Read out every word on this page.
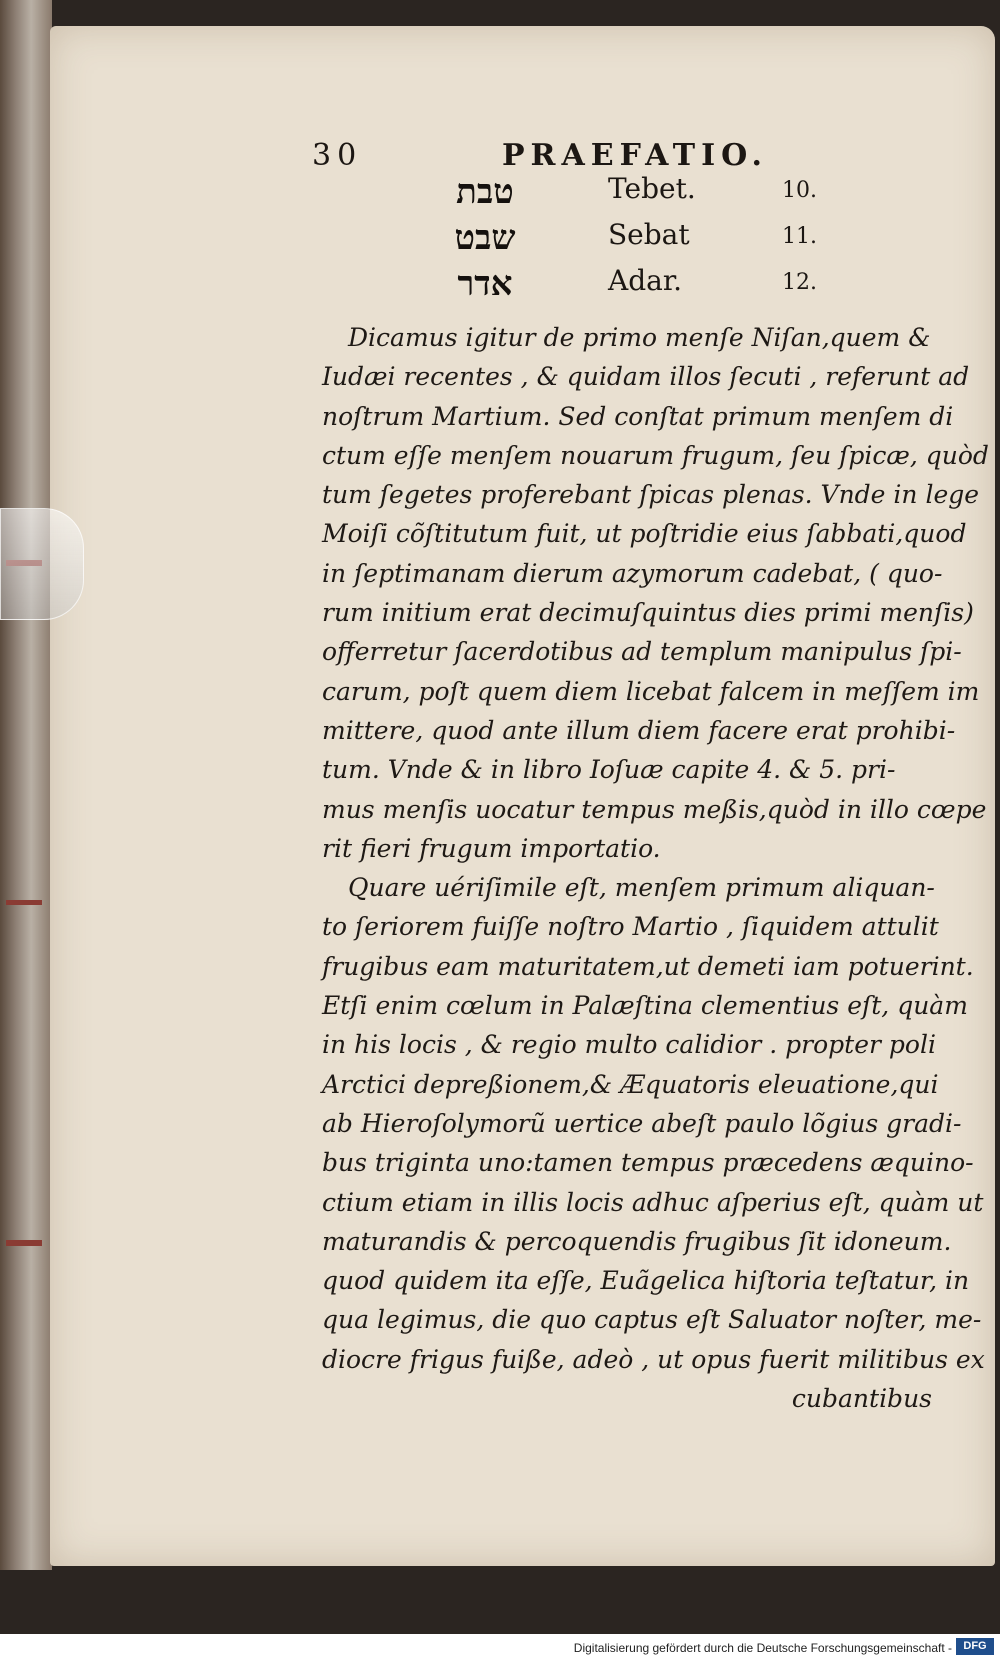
30	PRAEFATIO.
טבת	Tebet.	10.
שבט	Sebat	11.
אדר	Adar.	12.
Dicamus igitur de primo menſe Niſan,quem &
Iudæi recentes , & quidam illos ſecuti , referunt ad
noſtrum Martium. Sed conſtat primum menſem di
ctum eſſe menſem nouarum frugum, ſeu ſpicæ, quòd
tum ſegetes proferebant ſpicas plenas. Vnde in lege
Moiſi cõſtitutum fuit, ut poſtridie eius ſabbati,quod
in ſeptimanam dierum azymorum cadebat, ( quo-
rum initium erat decimuſquintus dies primi menſis)
offerretur ſacerdotibus ad templum manipulus ſpi-
carum, poſt quem diem licebat falcem in meſſem im
mittere, quod ante illum diem facere erat prohibi-
tum. Vnde & in libro Ioſuæ capite 4. & 5. pri-
mus menſis uocatur tempus meßis,quòd in illo cœpe
rit fieri frugum importatio.
Quare uériſimile eſt, menſem primum aliquan-
to ſeriorem fuiſſe noſtro Martio , ſiquidem attulit
frugibus eam maturitatem,ut demeti iam potuerint.
Etſi enim cœlum in Palæſtina clementius eſt, quàm
in his locis , & regio multo calidior . propter poli
Arctici depreßionem,& Æquatoris eleuatione,qui
ab Hieroſolymorũ uertice abeſt paulo lõgius gradi-
bus triginta uno:tamen tempus præcedens æquino-
ctium etiam in illis locis adhuc aſperius eſt, quàm ut
maturandis & percoquendis frugibus ſit idoneum.
quod quidem ita eſſe, Euãgelica hiſtoria teſtatur, in
qua legimus, die quo captus eſt Saluator noſter, me-
diocre frigus fuiße, adeò , ut opus fuerit militibus ex
cubantibus
Digitalisierung gefördert durch die Deutsche Forschungsgemeinschaft -	DFG
